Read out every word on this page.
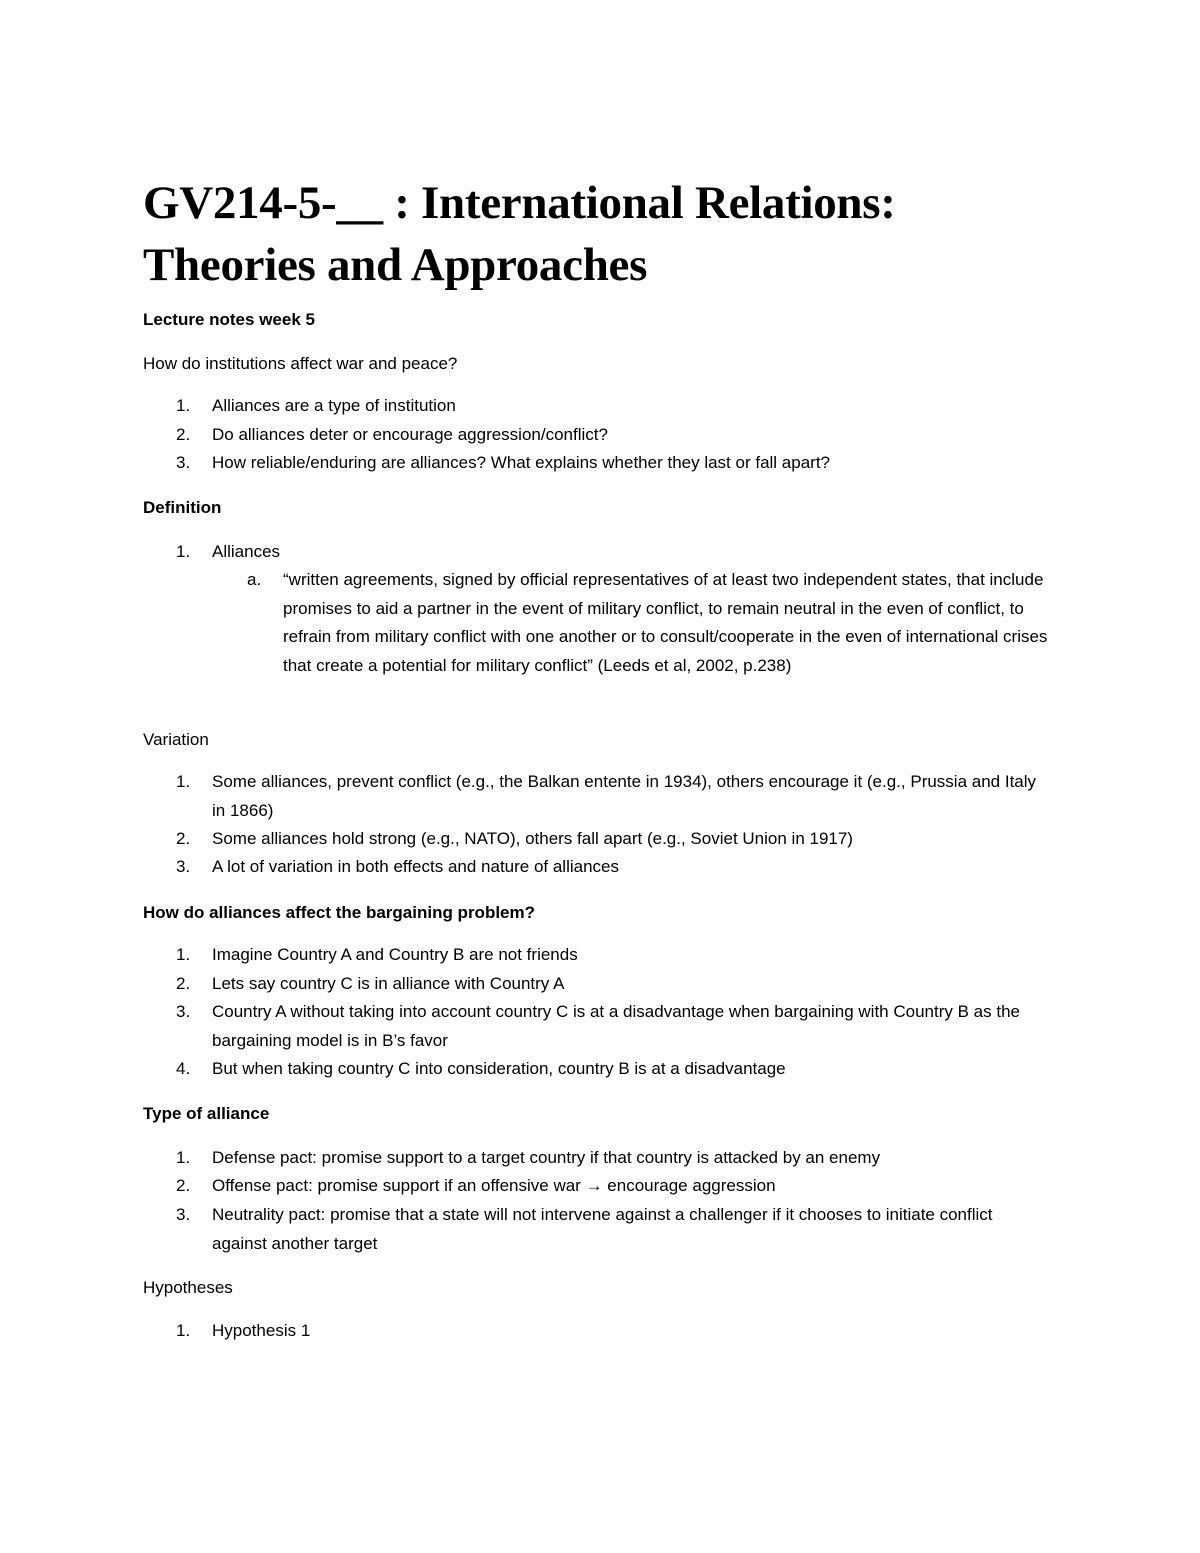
GV214-5-__ : International Relations:
Theories and Approaches

Lecture notes week 5

How do institutions affect war and peace?

1. Alliances are a type of institution
2. Do alliances deter or encourage aggression/conflict?
3. How reliable/enduring are alliances? What explains whether they last or fall apart?

Definition

1. Alliances
a. “written agreements, signed by official representatives of at least two independent states, that include promises to aid a partner in the event of military conflict, to remain neutral in the even of conflict, to refrain from military conflict with one another or to consult/cooperate in the even of international crises that create a potential for military conflict” (Leeds et al, 2002, p.238)

Variation

1. Some alliances, prevent conflict (e.g., the Balkan entente in 1934), others encourage it (e.g., Prussia and Italy in 1866)
2. Some alliances hold strong (e.g., NATO), others fall apart (e.g., Soviet Union in 1917)
3. A lot of variation in both effects and nature of alliances

How do alliances affect the bargaining problem?

1. Imagine Country A and Country B are not friends
2. Lets say country C is in alliance with Country A
3. Country A without taking into account country C is at a disadvantage when bargaining with Country B as the bargaining model is in B’s favor
4. But when taking country C into consideration, country B is at a disadvantage

Type of alliance

1. Defense pact: promise support to a target country if that country is attacked by an enemy
2. Offense pact: promise support if an offensive war → encourage aggression
3. Neutrality pact: promise that a state will not intervene against a challenger if it chooses to initiate conflict against another target

Hypotheses

1. Hypothesis 1
